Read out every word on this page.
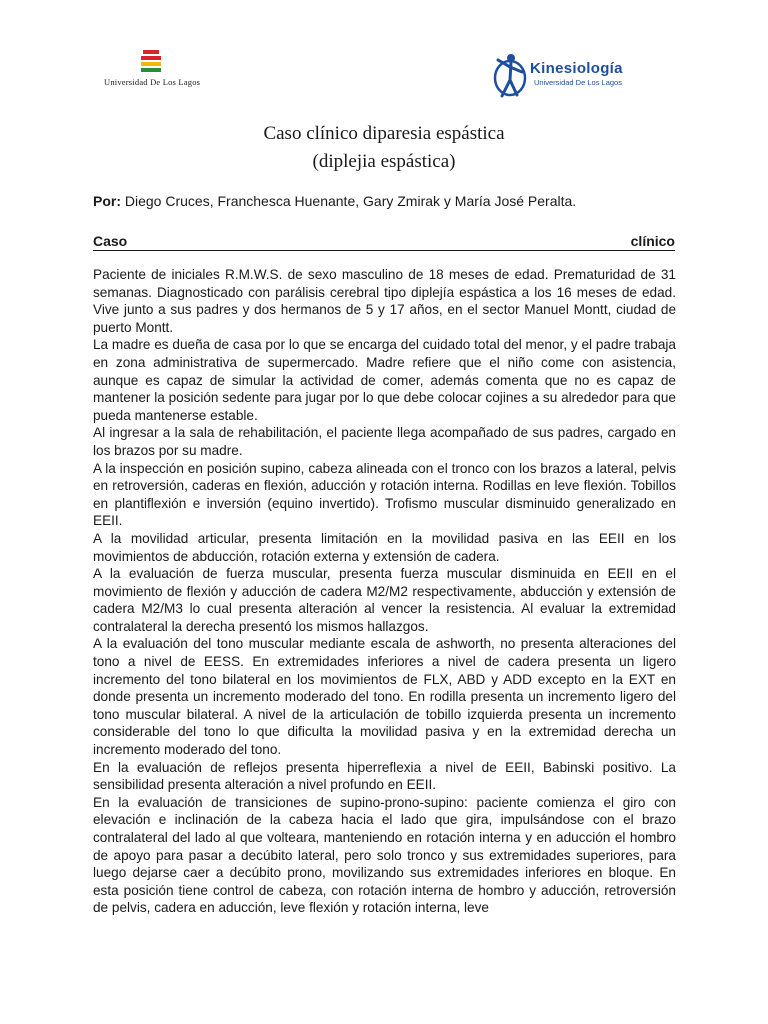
Universidad De Los Lagos
Kinesiología
Universidad De Los Lagos
Caso clínico diparesia espástica
(diplejia espástica)
Por: Diego Cruces, Franchesca Huenante, Gary Zmirak y María José Peralta.
Caso	clínico

Paciente de iniciales R.M.W.S. de sexo masculino de 18 meses de edad. Prematuridad de 31 semanas. Diagnosticado con parálisis cerebral tipo diplejía espástica a los 16 meses de edad. Vive junto a sus padres y dos hermanos de 5 y 17 años, en el sector Manuel Montt, ciudad de puerto Montt.

La madre es dueña de casa por lo que se encarga del cuidado total del menor, y el padre trabaja en zona administrativa de supermercado. Madre refiere que el niño come con asistencia, aunque es capaz de simular la actividad de comer, además comenta que no es capaz de mantener la posición sedente para jugar por lo que debe colocar cojines a su alrededor para que pueda mantenerse estable.

Al ingresar a la sala de rehabilitación, el paciente llega acompañado de sus padres, cargado en los brazos por su madre.

A la inspección en posición supino, cabeza alineada con el tronco con los brazos a lateral, pelvis en retroversión, caderas en flexión, aducción y rotación interna. Rodillas en leve flexión. Tobillos en plantiflexión e inversión (equino invertido). Trofismo muscular disminuido generalizado en EEII.

A la movilidad articular, presenta limitación en la movilidad pasiva en las EEII en los movimientos de abducción, rotación externa y extensión de cadera.

A la evaluación de fuerza muscular, presenta fuerza muscular disminuida en EEII en el movimiento de flexión y aducción de cadera M2/M2 respectivamente, abducción y extensión de cadera M2/M3 lo cual presenta alteración al vencer la resistencia. Al evaluar la extremidad contralateral la derecha presentó los mismos hallazgos.

A la evaluación del tono muscular mediante escala de ashworth, no presenta alteraciones del tono a nivel de EESS. En extremidades inferiores a nivel de cadera presenta un ligero incremento del tono bilateral en los movimientos de FLX, ABD y ADD excepto en la EXT en donde presenta un incremento moderado del tono. En rodilla presenta un incremento ligero del tono muscular bilateral. A nivel de la articulación de tobillo izquierda presenta un incremento considerable del tono lo que dificulta la movilidad pasiva y en la extremidad derecha un incremento moderado del tono.

En la evaluación de reflejos presenta hiperreflexia a nivel de EEII, Babinski positivo. La sensibilidad presenta alteración a nivel profundo en EEII.

En la evaluación de transiciones de supino-prono-supino: paciente comienza el giro con elevación e inclinación de la cabeza hacia el lado que gira, impulsándose con el brazo contralateral del lado al que volteara, manteniendo en rotación interna y en aducción el hombro de apoyo para pasar a decúbito lateral, pero solo tronco y sus extremidades superiores, para luego dejarse caer a decúbito prono, movilizando sus extremidades inferiores en bloque. En esta posición tiene control de cabeza, con rotación interna de hombro y aducción, retroversión de pelvis, cadera en aducción, leve flexión y rotación interna, leve
